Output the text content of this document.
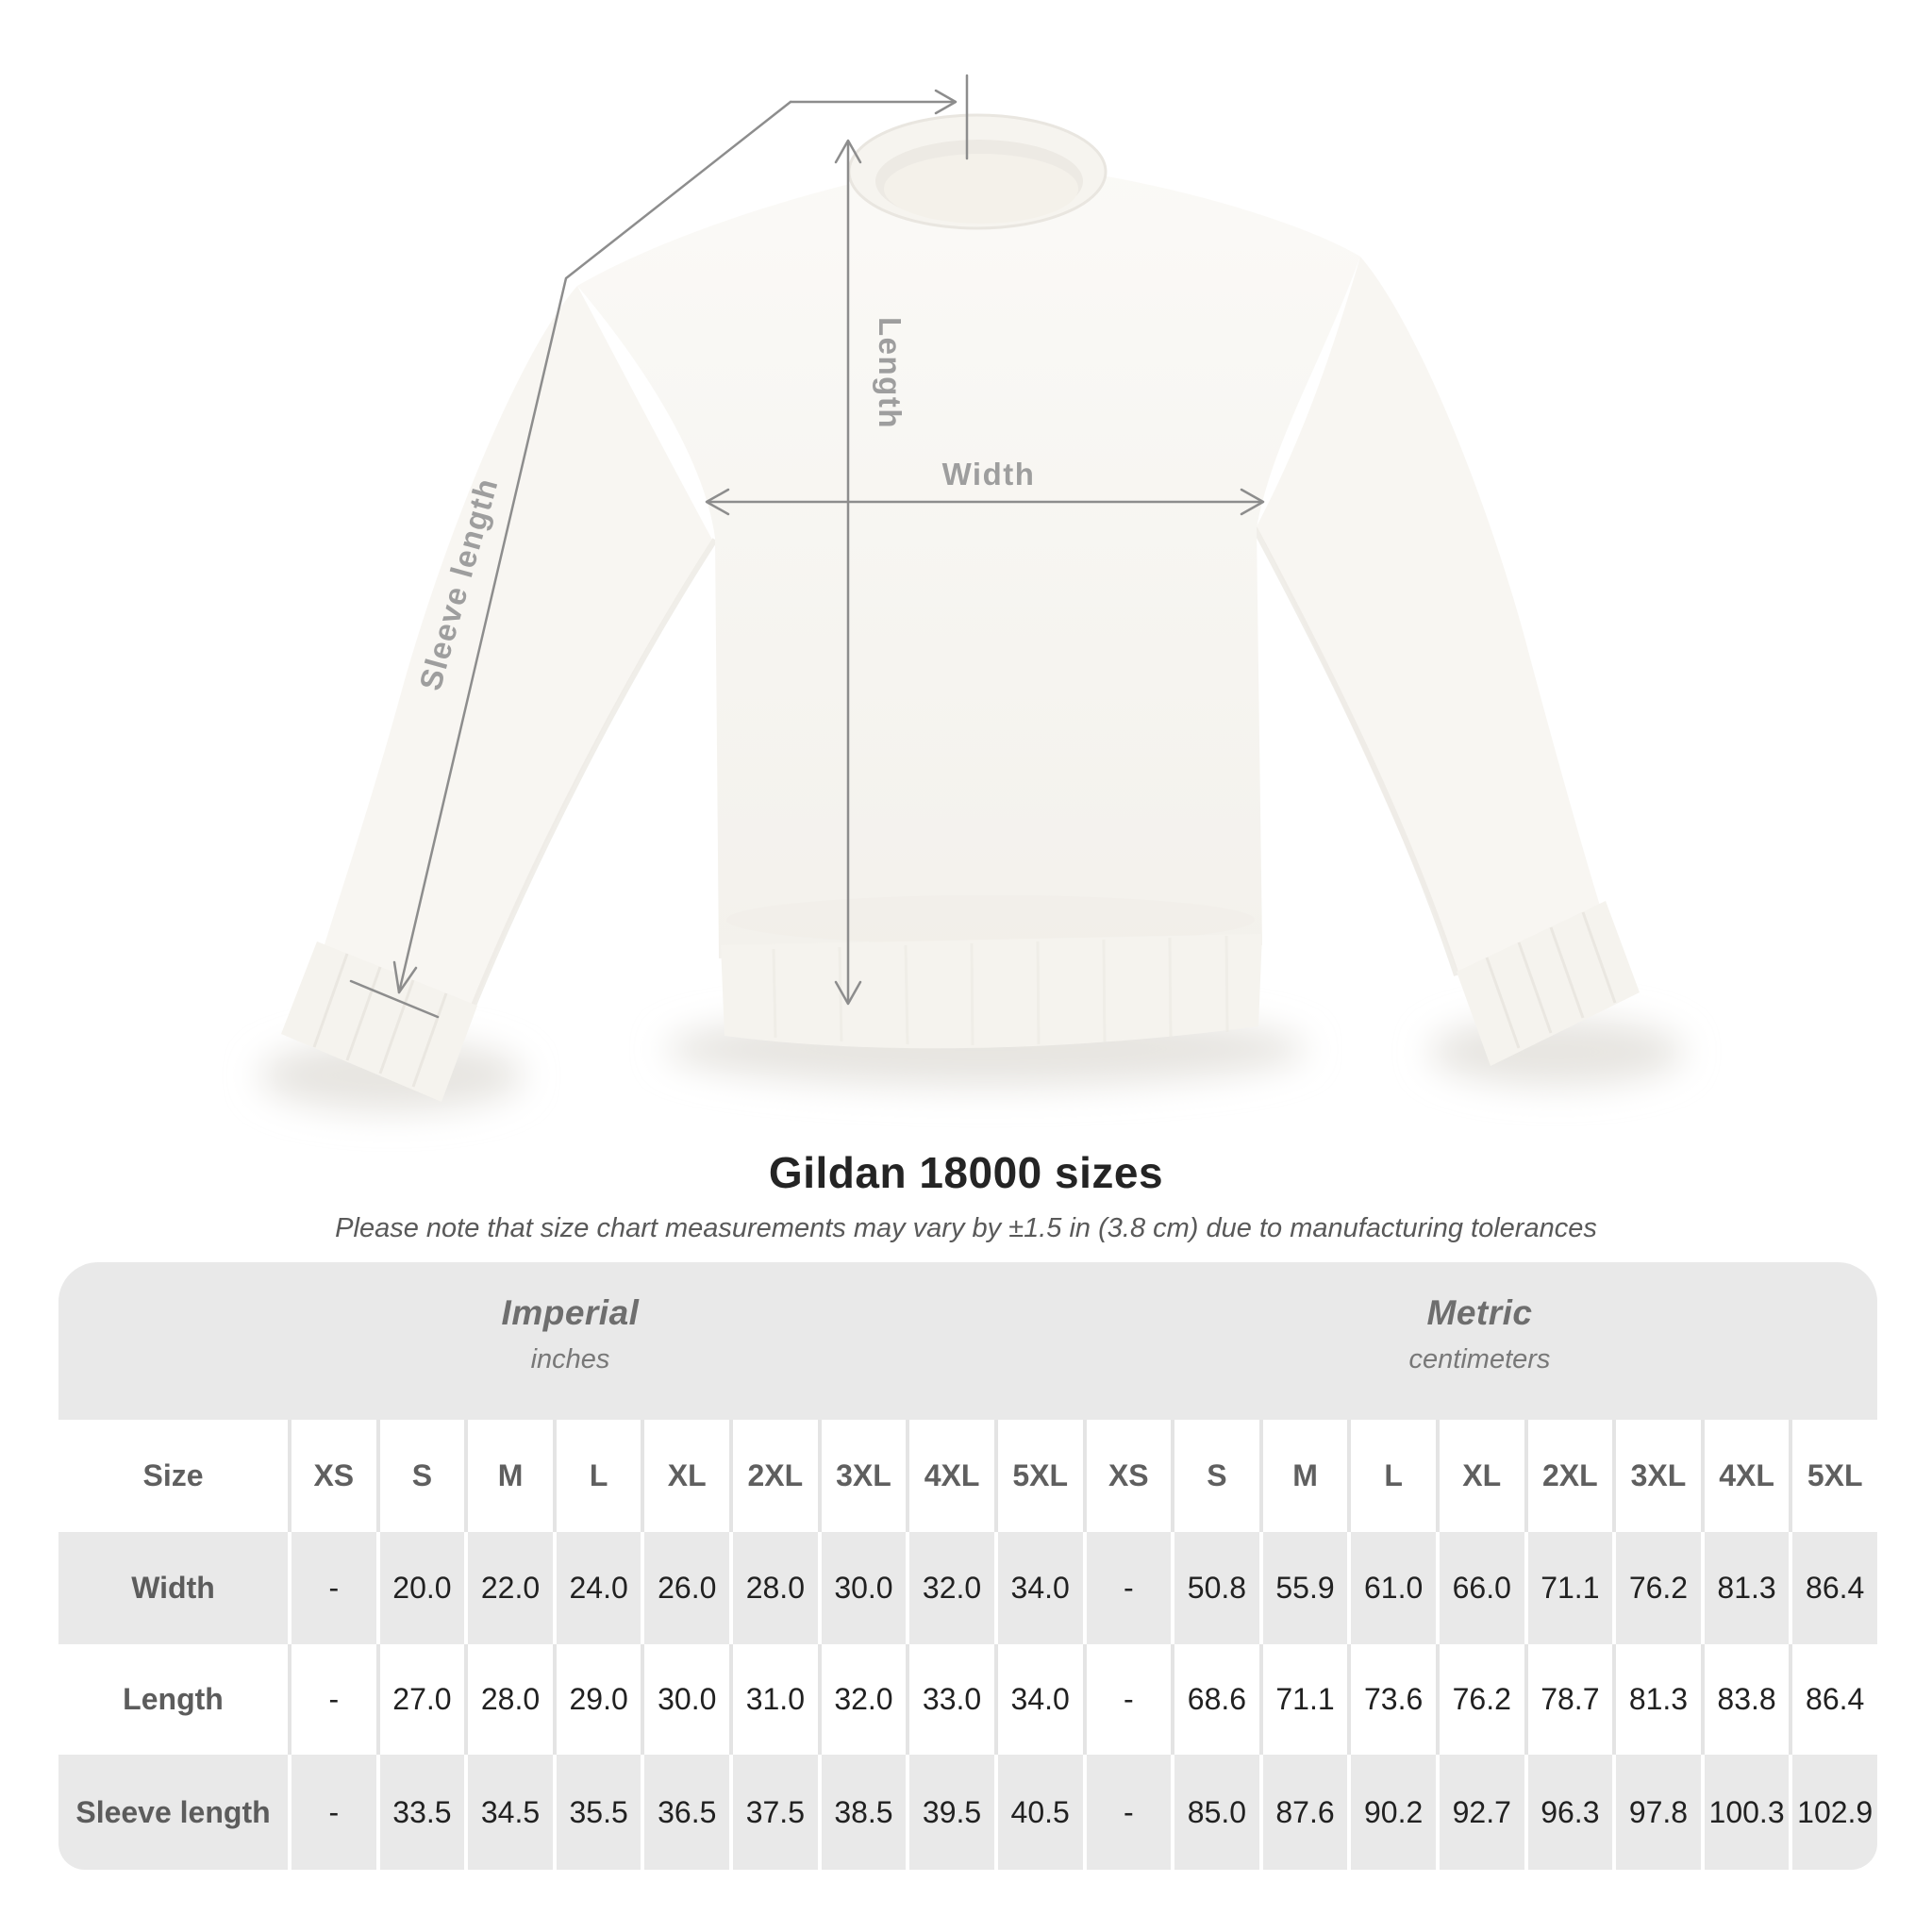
Width
Length
Sleeve length
Gildan 18000 sizes

Please note that size chart measurements may vary by ±1.5 in (3.8 cm) due to manufacturing tolerances

Imperial
inches
Metric
centimeters
Size	XS	S	M	L	XL	2XL	3XL	4XL	5XL	XS	S	M	L	XL	2XL	3XL	4XL	5XL
Width	-	20.0 22.0 24.0 26.0 28.0 30.0 32.0 34.0	-	50.8 55.9 61.0 66.0 71.1 76.2 81.3 86.4
Length	-	27.0 28.0 29.0 30.0 31.0 32.0 33.0 34.0	-	68.6 71.1 73.6 76.2 78.7 81.3 83.8 86.4
Sleeve length	-	33.5 34.5 35.5 36.5 37.5 38.5 39.5 40.5	-	85.0 87.6 90.2 92.7 96.3 97.8 100.3 102.9
